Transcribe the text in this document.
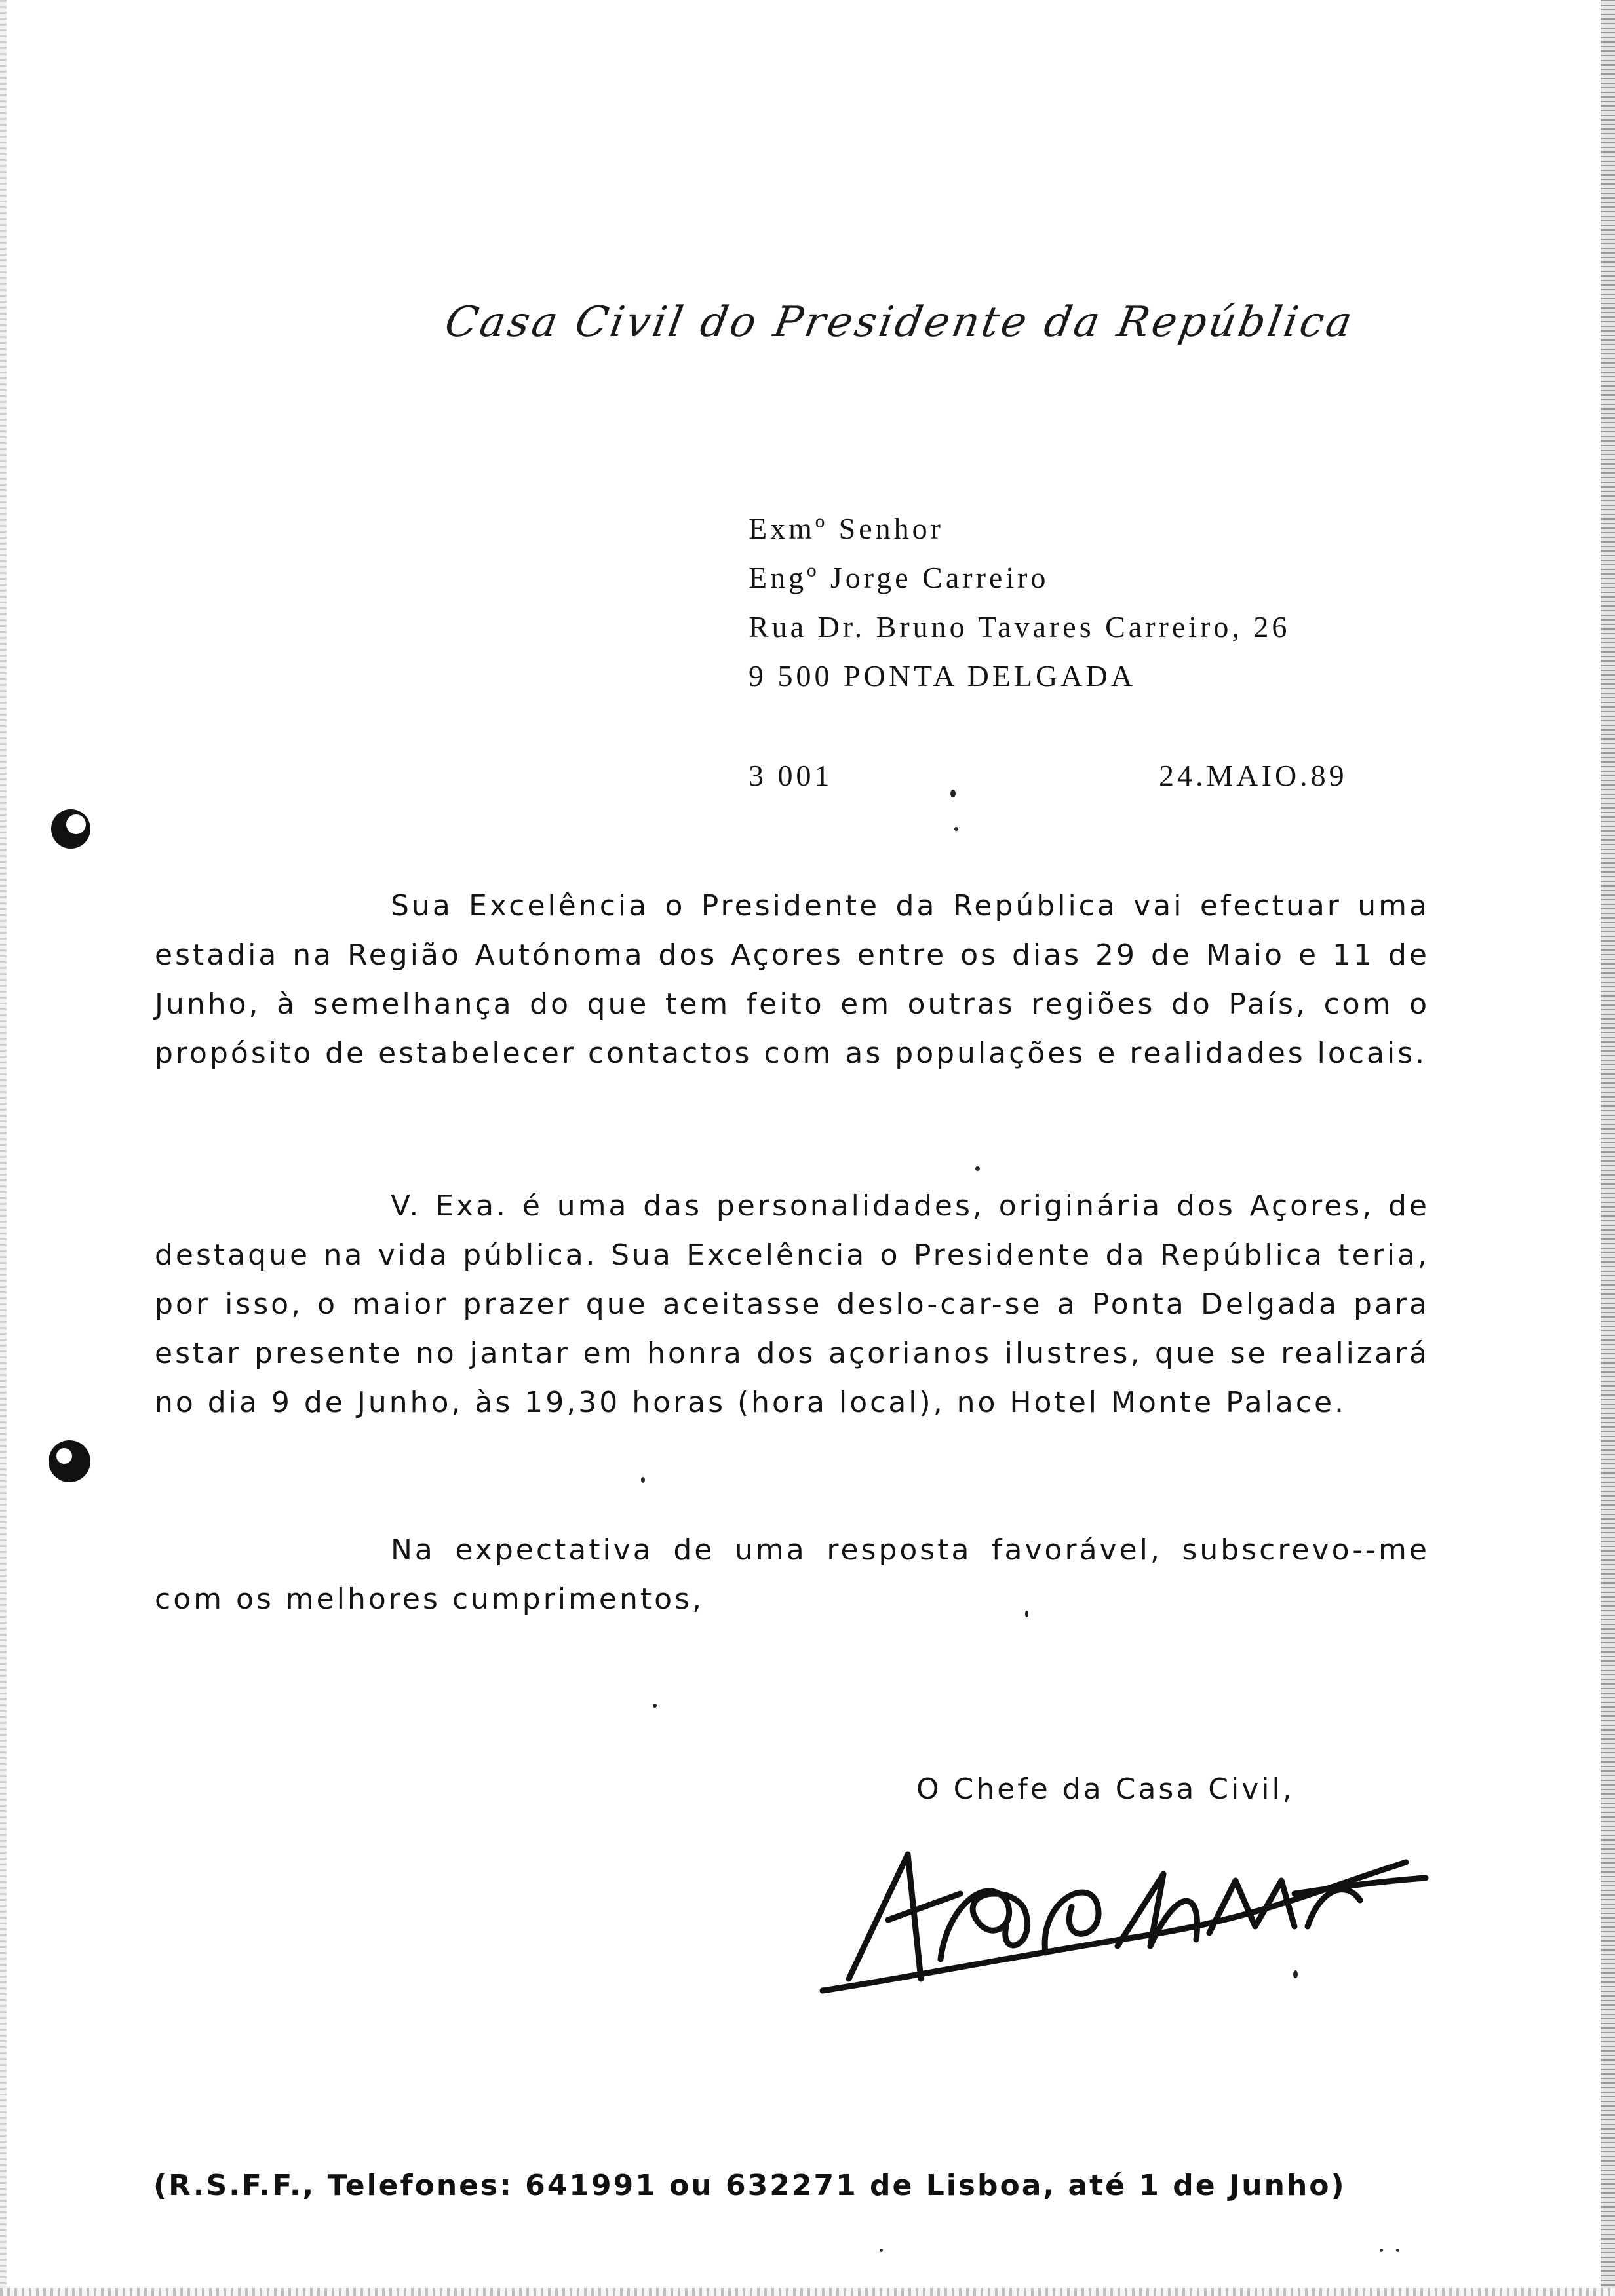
Casa Civil do Presidente da República
Exmº Senhor
Engº Jorge Carreiro
Rua Dr. Bruno Tavares Carreiro, 26
9 500 PONTA DELGADA
3 001	24.MAIO.89
Sua Excelência o Presidente da República vai efectuar uma estadia na Região Autónoma dos Açores entre os dias 29 de Maio e 11 de Junho, à semelhança do que tem feito em outras regiões do País, com o propósito de estabelecer contactos com as populações e realidades locais.
V. Exa. é uma das personalidades, originária dos Açores, de destaque na vida pública. Sua Excelência o Presidente da República teria, por isso, o maior prazer que aceitasse deslo-car-se a Ponta Delgada para estar presente no jantar em honra dos açorianos ilustres, que se realizará no dia 9 de Junho, às 19,30 horas (hora local), no Hotel Monte Palace.
Na expectativa de uma resposta favorável, subscrevo--me com os melhores cumprimentos,
O Chefe da Casa Civil,
(R.S.F.F., Telefones: 641991 ou 632271 de Lisboa, até 1 de Junho)
